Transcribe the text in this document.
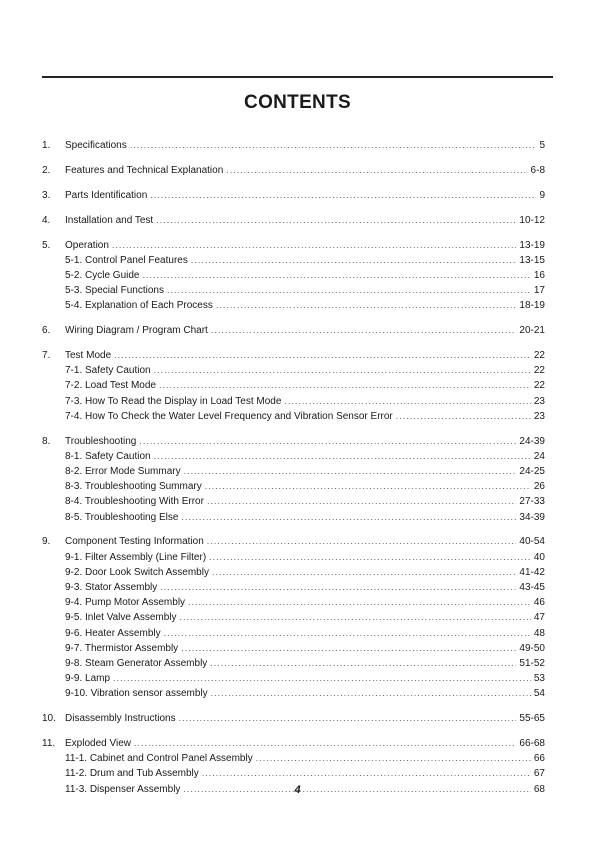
CONTENTS
1.	Specifications .....	5
2.	Features and Technical Explanation .....	6-8
3.	Parts Identification .....	9
4.	Installation and Test .....	10-12
5.	Operation .....	13-19
5-1. Control Panel Features .....	13-15
5-2. Cycle Guide .....	16
5-3. Special Functions .....	17
5-4. Explanation of Each Process .....	18-19
6.	Wiring Diagram / Program Chart .....	20-21
7.	Test Mode .....	22
7-1. Safety Caution .....	22
7-2. Load Test Mode .....	22
7-3. How To Read the Display in Load Test Mode .....	23
7-4. How To Check the Water Level Frequency and Vibration Sensor Error .....	23
8.	Troubleshooting .....	24-39
8-1. Safety Caution .....	24
8-2. Error Mode Summary .....	24-25
8-3. Troubleshooting Summary .....	26
8-4. Troubleshooting With Error .....	27-33
8-5. Troubleshooting Else .....	34-39
9.	Component Testing Information .....	40-54
9-1. Filter Assembly (Line Filter) .....	40
9-2. Door Look Switch Assembly .....	41-42
9-3. Stator Assembly .....	43-45
9-4. Pump Motor Assembly .....	46
9-5. Inlet Valve Assembly .....	47
9-6. Heater Assembly .....	48
9-7. Thermistor Assembly .....	49-50
9-8. Steam Generator Assembly .....	51-52
9-9. Lamp .....	53
9-10. Vibration sensor assembly .....	54
10. Disassembly Instructions .....	55-65
11. Exploded View .....	66-68
11-1. Cabinet and Control Panel Assembly .....	66
11-2. Drum and Tub Assembly .....	67
11-3. Dispenser Assembly .....	68
4
